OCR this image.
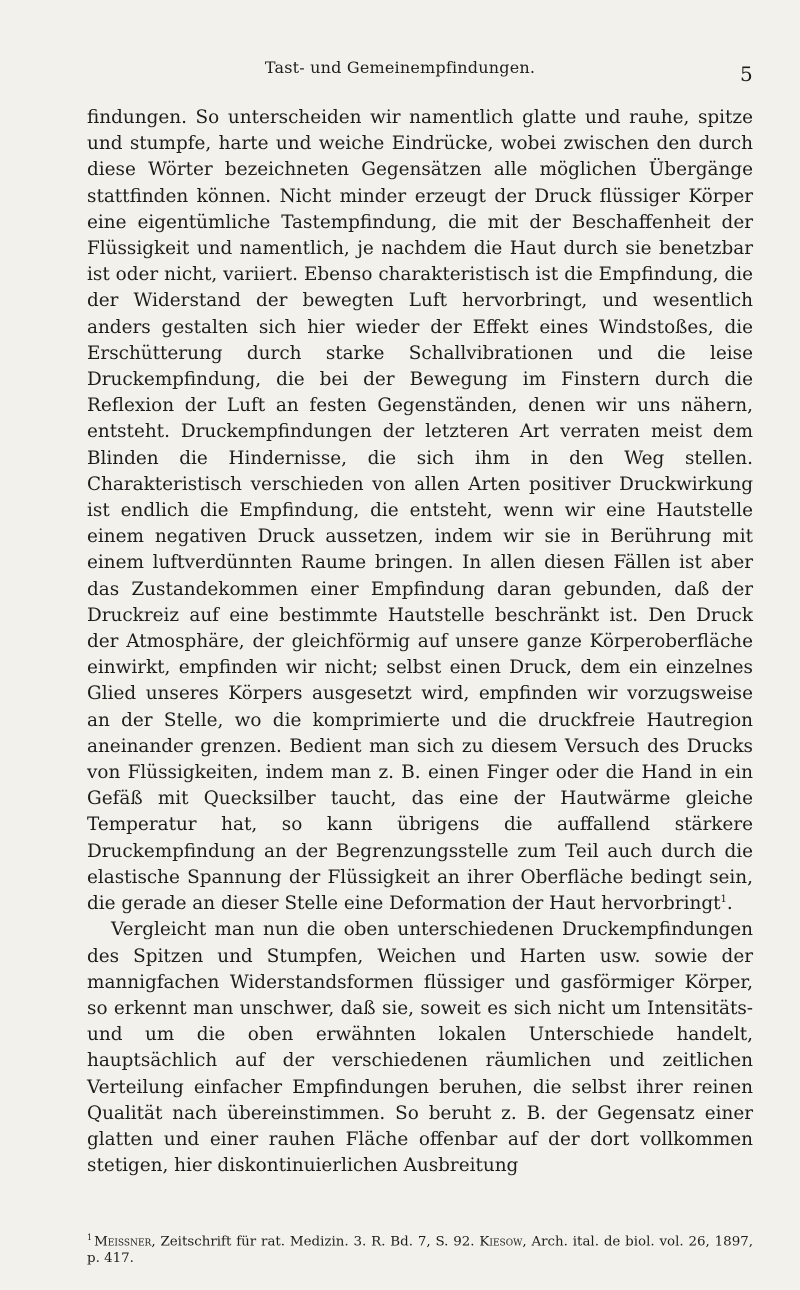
Tast- und Gemeinempfindungen.	5

findungen. So unterscheiden wir namentlich glatte und rauhe, spitze und stumpfe, harte und weiche Eindrücke, wobei zwischen den durch diese Wörter bezeichneten Gegensätzen alle möglichen Übergänge stattfinden können. Nicht minder erzeugt der Druck flüssiger Körper eine eigentümliche Tastempfindung, die mit der Beschaffenheit der Flüssigkeit und namentlich, je nachdem die Haut durch sie benetzbar ist oder nicht, variiert. Ebenso charakteristisch ist die Empfindung, die der Widerstand der bewegten Luft hervorbringt, und wesentlich anders gestalten sich hier wieder der Effekt eines Windstoßes, die Erschütterung durch starke Schallvibrationen und die leise Druckempfindung, die bei der Bewegung im Finstern durch die Reflexion der Luft an festen Gegenständen, denen wir uns nähern, entsteht. Druckempfindungen der letzteren Art verraten meist dem Blinden die Hindernisse, die sich ihm in den Weg stellen. Charakteristisch verschieden von allen Arten positiver Druckwirkung ist endlich die Empfindung, die entsteht, wenn wir eine Hautstelle einem negativen Druck aussetzen, indem wir sie in Berührung mit einem luftverdünnten Raume bringen. In allen diesen Fällen ist aber das Zustandekommen einer Empfindung daran gebunden, daß der Druckreiz auf eine bestimmte Hautstelle beschränkt ist. Den Druck der Atmosphäre, der gleichförmig auf unsere ganze Körperoberfläche einwirkt, empfinden wir nicht; selbst einen Druck, dem ein einzelnes Glied unseres Körpers ausgesetzt wird, empfinden wir vorzugsweise an der Stelle, wo die komprimierte und die druckfreie Hautregion aneinander grenzen. Bedient man sich zu diesem Versuch des Drucks von Flüssigkeiten, indem man z. B. einen Finger oder die Hand in ein Gefäß mit Quecksilber taucht, das eine der Hautwärme gleiche Temperatur hat, so kann übrigens die auffallend stärkere Druckempfindung an der Begrenzungsstelle zum Teil auch durch die elastische Spannung der Flüssigkeit an ihrer Oberfläche bedingt sein, die gerade an dieser Stelle eine Deformation der Haut hervorbringt$^1$.

Vergleicht man nun die oben unterschiedenen Druckempfindungen des Spitzen und Stumpfen, Weichen und Harten usw. sowie der mannigfachen Widerstandsformen flüssiger und gasförmiger Körper, so erkennt man unschwer, daß sie, soweit es sich nicht um Intensitäts- und um die oben erwähnten lokalen Unterschiede handelt, hauptsächlich auf der verschiedenen räumlichen und zeitlichen Verteilung einfacher Empfindungen beruhen, die selbst ihrer reinen Qualität nach übereinstimmen. So beruht z. B. der Gegensatz einer glatten und einer rauhen Fläche offenbar auf der dort vollkommen stetigen, hier diskontinuierlichen Ausbreitung

$^1$ Meissner, Zeitschrift für rat. Medizin. 3. R. Bd. 7, S. 92. Kiesow, Arch. ital. de biol. vol. 26, 1897, p. 417.
